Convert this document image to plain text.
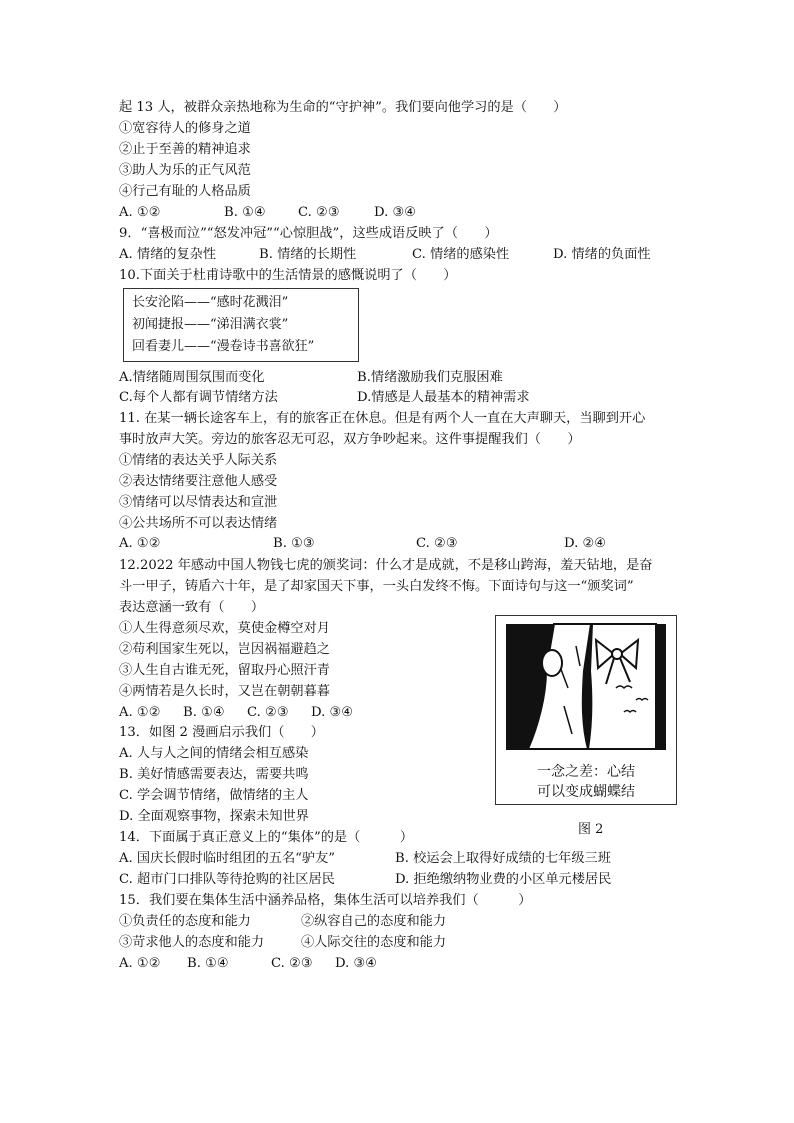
起 13 人，被群众亲热地称为生命的“守护神”。我们要向他学习的是（　　）
①宽容待人的修身之道
②止于至善的精神追求
③助人为乐的正气风范
④行己有耻的人格品质
A. ①②	B. ①④ C. ②③	D. ③④
9．“喜极而泣”“怒发冲冠”“心惊胆战”，这些成语反映了（　　）
A. 情绪的复杂性	B. 情绪的长期性	C. 情绪的感染性	D. 情绪的负面性
10.下面关于杜甫诗歌中的生活情景的感慨说明了（　　）
长安沦陷——“感时花溅泪”
初闻捷报——“涕泪满衣裳”
回看妻儿——“漫卷诗书喜欲狂”
A.情绪随周围氛围而变化	B.情绪激励我们克服困难
C.每个人都有调节情绪方法	D.情感是人最基本的精神需求
11. 在某一辆长途客车上，有的旅客正在休息。但是有两个人一直在大声聊天，当聊到开心
事时放声大笑。旁边的旅客忍无可忍，双方争吵起来。这件事提醒我们（　　）
①情绪的表达关乎人际关系
②表达情绪要注意他人感受
③情绪可以尽情表达和宣泄
④公共场所不可以表达情绪
A. ①②	B. ①③	C. ②③	D. ②④
12.2022 年感动中国人物钱七虎的颁奖词：什么才是成就，不是移山跨海，羞天钻地，是奋
斗一甲子，铸盾六十年，是了却家国天下事，一头白发终不悔。下面诗句与这一“颁奖词”
表达意涵一致有（　　）
①人生得意须尽欢，莫使金樽空对月
②苟利国家生死以，岂因祸福避趋之
③人生自古谁无死，留取丹心照汗青
④两情若是久长时，又岂在朝朝暮暮
A. ①② B. ①④ C. ②③ D. ③④
13．如图 2 漫画启示我们（　　）
A. 人与人之间的情绪会相互感染
B. 美好情感需要表达，需要共鸣
C. 学会调节情绪，做情绪的主人
D. 全面观察事物，探索未知世界
一念之差：心结
可以变成蝴蝶结
图 2
14．下面属于真正意义上的“集体”的是（　　　）
A. 国庆长假时临时组团的五名“驴友”	B. 校运会上取得好成绩的七年级三班
C. 超市门口排队等待抢购的社区居民	D. 拒绝缴纳物业费的小区单元楼居民
15．我们要在集体生活中涵养品格，集体生活可以培养我们（　　　）
①负责任的态度和能力	②纵容自己的态度和能力
③苛求他人的态度和能力	④人际交往的态度和能力
A. ①② B. ①④	C. ②③ D. ③④
